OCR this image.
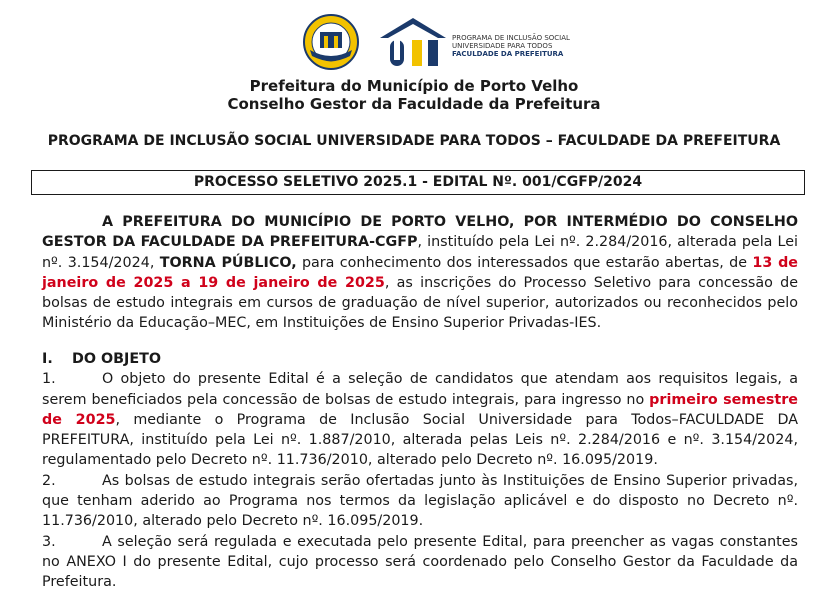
PROGRAMA DE INCLUSÃO SOCIAL
UNIVERSIDADE PARA TODOS
FACULDADE DA PREFEITURA
Prefeitura do Município de Porto Velho
Conselho Gestor da Faculdade da Prefeitura
PROGRAMA DE INCLUSÃO SOCIAL UNIVERSIDADE PARA TODOS – FACULDADE DA PREFEITURA
PROCESSO SELETIVO 2025.1 - EDITAL Nº. 001/CGFP/2024
A PREFEITURA DO MUNICÍPIO DE PORTO VELHO, POR INTERMÉDIO DO CONSELHO GESTOR DA FACULDADE DA PREFEITURA-CGFP, instituído pela Lei nº. 2.284/2016, alterada pela Lei nº. 3.154/2024, TORNA PÚBLICO, para conhecimento dos interessados que estarão abertas, de 13 de janeiro de 2025 a 19 de janeiro de 2025, as inscrições do Processo Seletivo para concessão de bolsas de estudo integrais em cursos de graduação de nível superior, autorizados ou reconhecidos pelo Ministério da Educação–MEC, em Instituições de Ensino Superior Privadas-IES.
I. DO OBJETO
1.	O objeto do presente Edital é a seleção de candidatos que atendam aos requisitos legais, a serem beneficiados pela concessão de bolsas de estudo integrais, para ingresso no primeiro semestre de 2025, mediante o Programa de Inclusão Social Universidade para Todos–FACULDADE DA PREFEITURA, instituído pela Lei nº. 1.887/2010, alterada pelas Leis nº. 2.284/2016 e nº. 3.154/2024, regulamentado pelo Decreto nº. 11.736/2010, alterado pelo Decreto nº. 16.095/2019.
2.	As bolsas de estudo integrais serão ofertadas junto às Instituições de Ensino Superior privadas, que tenham aderido ao Programa nos termos da legislação aplicável e do disposto no Decreto nº. 11.736/2010, alterado pelo Decreto nº. 16.095/2019.
3.	A seleção será regulada e executada pelo presente Edital, para preencher as vagas constantes no ANEXO I do presente Edital, cujo processo será coordenado pelo Conselho Gestor da Faculdade da Prefeitura.
